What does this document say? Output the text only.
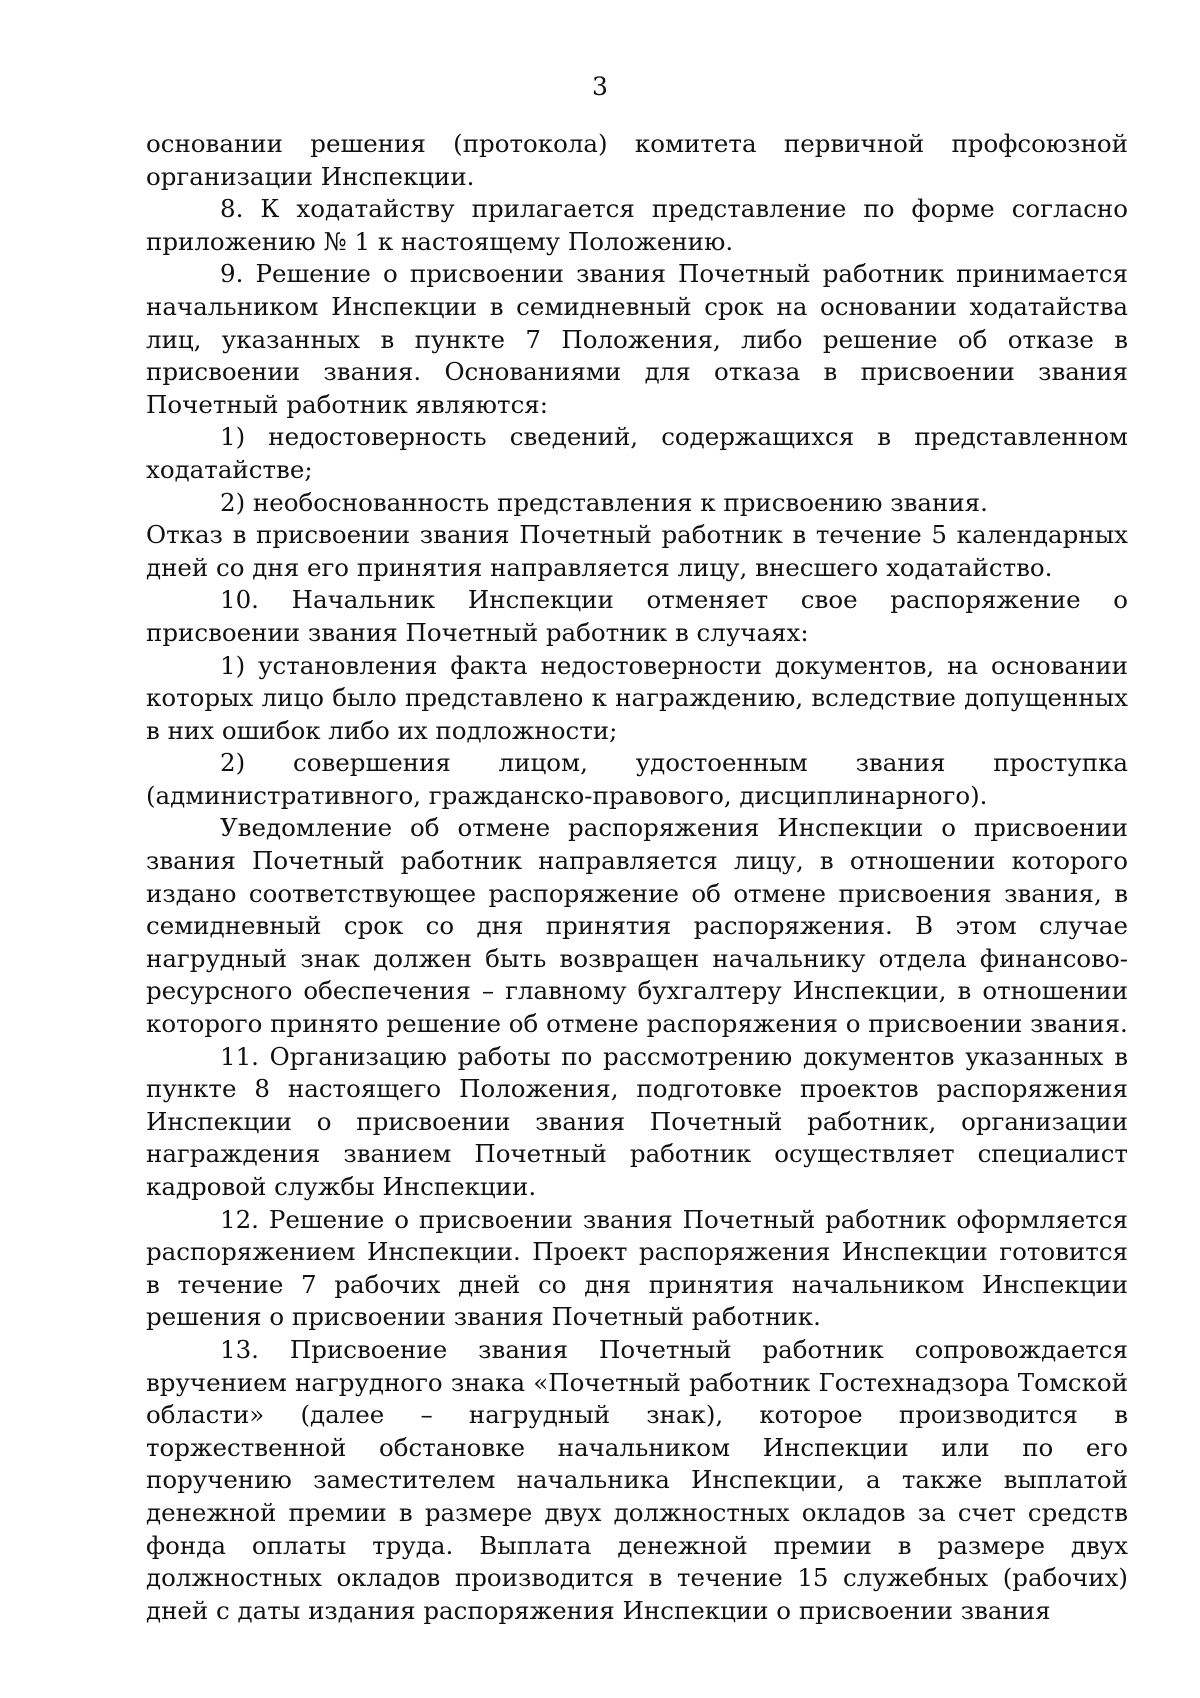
3

основании решения (протокола) комитета первичной профсоюзной организации Инспекции.

8. К ходатайству прилагается представление по форме согласно приложению № 1 к настоящему Положению.

9. Решение о присвоении звания Почетный работник принимается начальником Инспекции в семидневный срок на основании ходатайства лиц, указанных в пункте 7 Положения, либо решение об отказе в присвоении звания. Основаниями для отказа в присвоении звания Почетный работник являются:

1) недостоверность сведений, содержащихся в представленном ходатайстве;

2) необоснованность представления к присвоению звания.

Отказ в присвоении звания Почетный работник в течение 5 календарных дней со дня его принятия направляется лицу, внесшего ходатайство.

10. Начальник Инспекции отменяет свое распоряжение о присвоении звания Почетный работник в случаях:

1) установления факта недостоверности документов, на основании которых лицо было представлено к награждению, вследствие допущенных в них ошибок либо их подложности;

2) совершения лицом, удостоенным звания проступка (административного, гражданско-правового, дисциплинарного).

Уведомление об отмене распоряжения Инспекции о присвоении звания Почетный работник направляется лицу, в отношении которого издано соответствующее распоряжение об отмене присвоения звания, в семидневный срок со дня принятия распоряжения. В этом случае нагрудный знак должен быть возвращен начальнику отдела финансово-ресурсного обеспечения – главному бухгалтеру Инспекции, в отношении которого принято решение об отмене распоряжения о присвоении звания.

11. Организацию работы по рассмотрению документов указанных в пункте 8 настоящего Положения, подготовке проектов распоряжения Инспекции о присвоении звания Почетный работник, организации награждения званием Почетный работник осуществляет специалист кадровой службы Инспекции.

12. Решение о присвоении звания Почетный работник оформляется распоряжением Инспекции. Проект распоряжения Инспекции готовится в течение 7 рабочих дней со дня принятия начальником Инспекции решения о присвоении звания Почетный работник.

13. Присвоение звания Почетный работник сопровождается вручением нагрудного знака «Почетный работник Гостехнадзора Томской области» (далее – нагрудный знак), которое производится в торжественной обстановке начальником Инспекции или по его поручению заместителем начальника Инспекции, а также выплатой денежной премии в размере двух должностных окладов за счет средств фонда оплаты труда. Выплата денежной премии в размере двух должностных окладов производится в течение 15 служебных (рабочих) дней с даты издания распоряжения Инспекции о присвоении звания
